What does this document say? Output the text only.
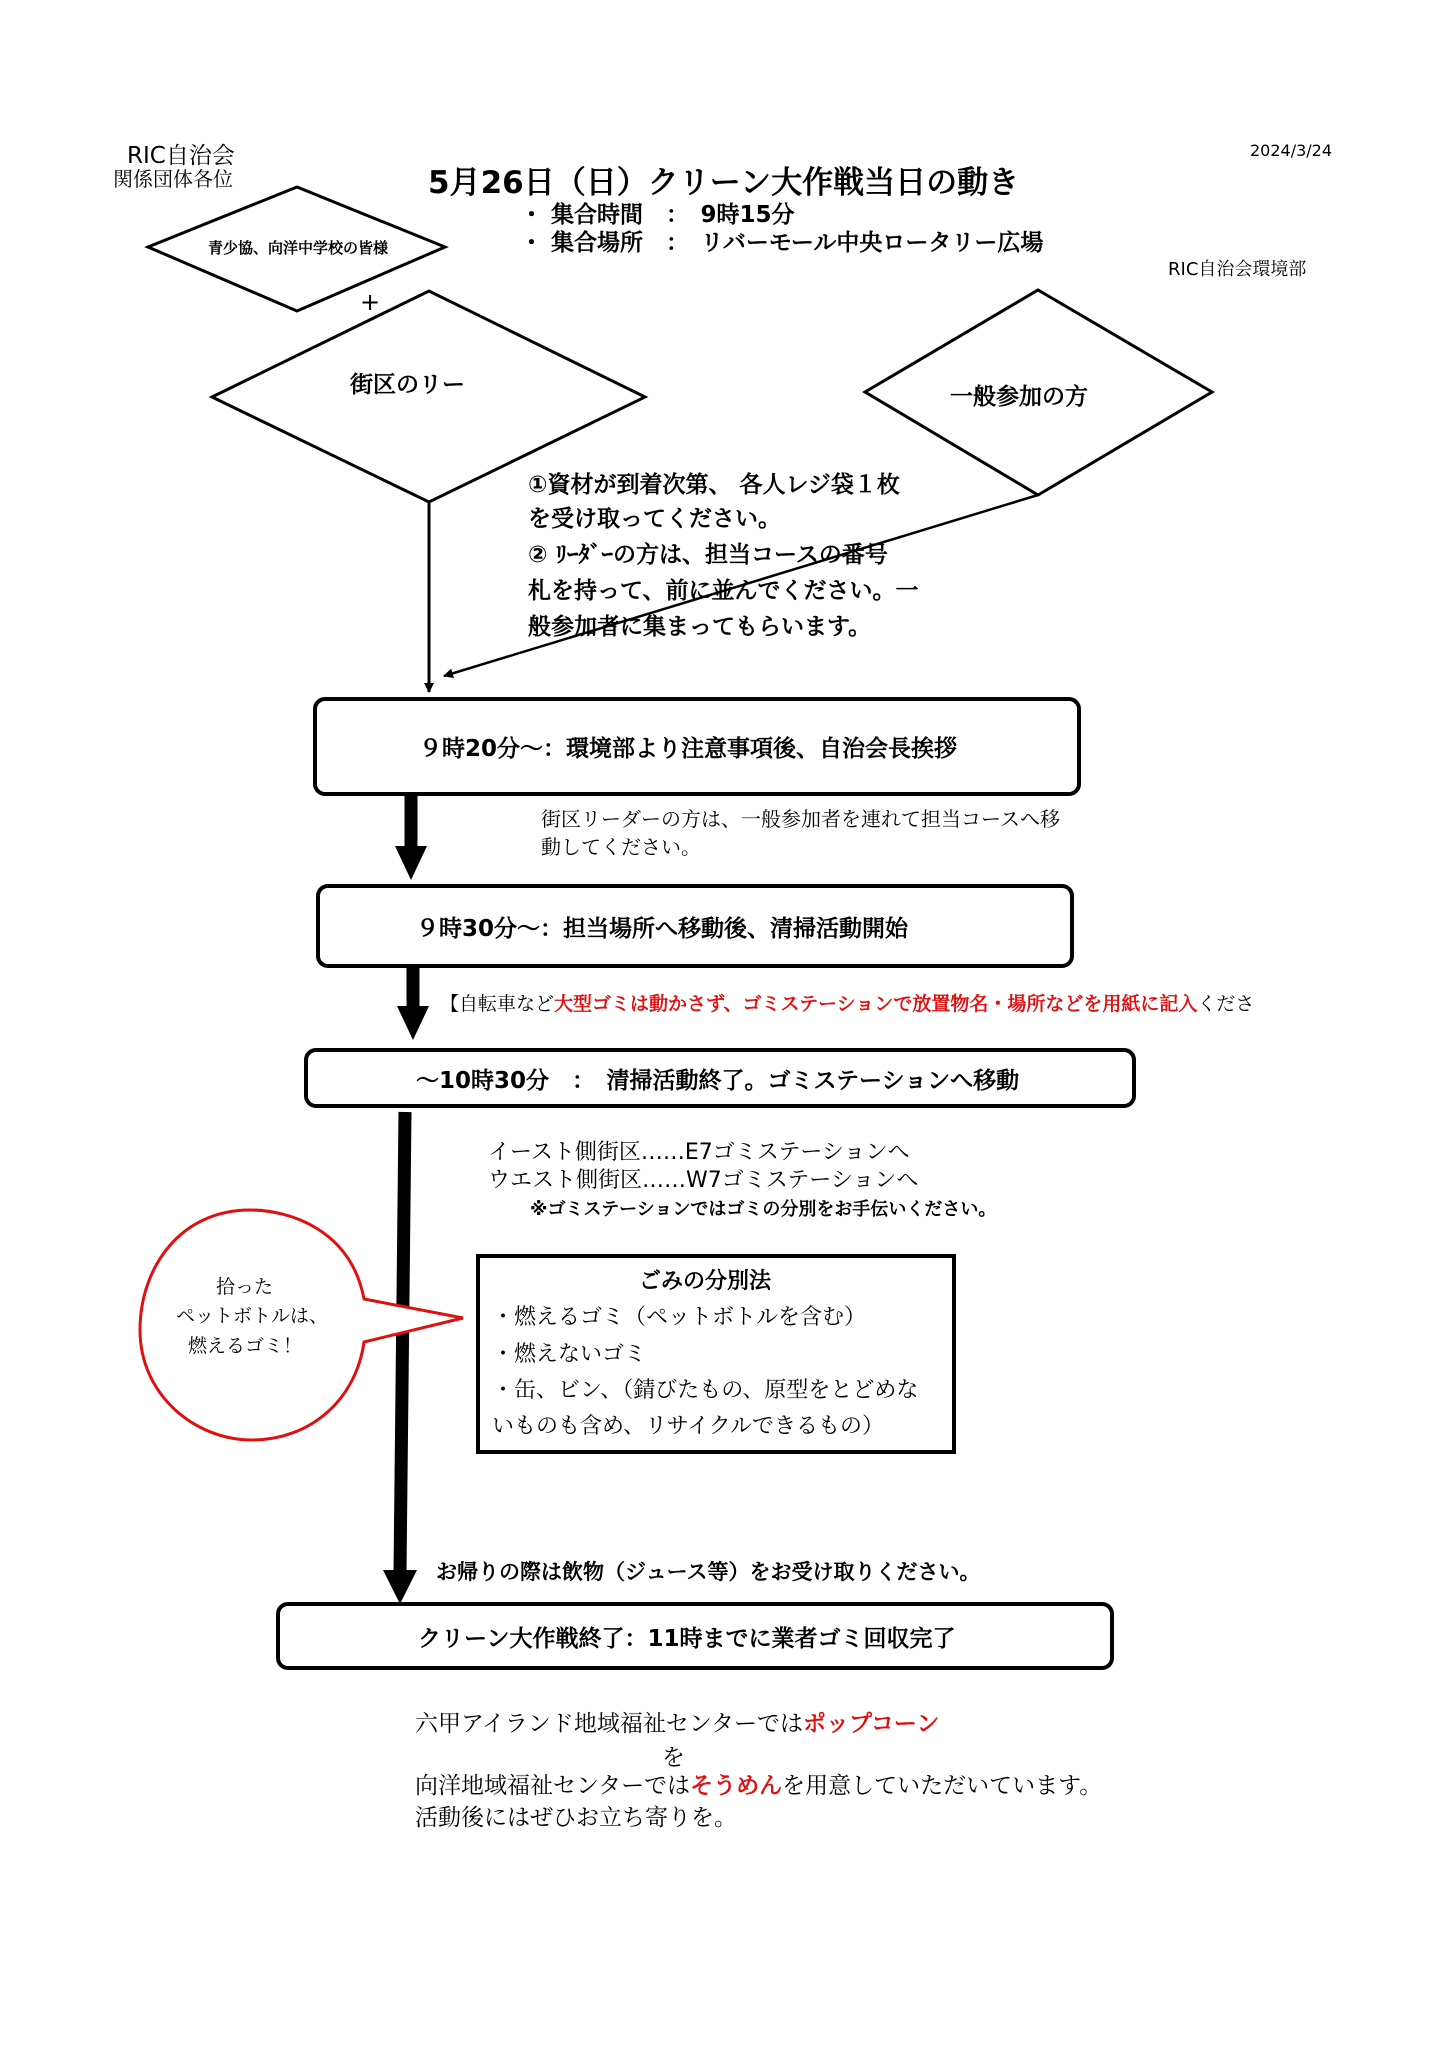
RIC自治会
関係団体各位
2024/3/24
RIC自治会環境部
5月26日（日）クリーン大作戦当日の動き
・ 集合時間　：　9時15分
・ 集合場所　：　リバーモール中央ロータリー広場
青少協、向洋中学校の皆様
+
街区のリー	一般参加の方
①資材が到着次第、 各人レジ袋１枚
を受け取ってください。
② ﾘｰﾀﾞｰの方は、担当コースの番号
札を持って、前に並んでください。一
般参加者に集まってもらいます。
９時20分～：環境部より注意事項後、自治会長挨拶
街区リーダーの方は、一般参加者を連れて担当コースへ移
動してください。
９時30分～：担当場所へ移動後、清掃活動開始
【自転車など大型ゴミは動かさず、ゴミステーションで放置物名・場所などを用紙に記入くださ
～10時30分　：　清掃活動終了。ゴミステーションへ移動
イースト側街区……E7ゴミステーションへ
ウエスト側街区……W7ゴミステーションへ
※ゴミステーションではゴミの分別をお手伝いください。
拾った
ペットボトルは、
燃えるゴミ！
ごみの分別法
・燃えるゴミ（ペットボトルを含む）
・燃えないゴミ
・缶、ビン、（錆びたもの、原型をとどめな
いものも含め、リサイクルできるもの）
お帰りの際は飲物（ジュース等）をお受け取りください。
クリーン大作戦終了：11時までに業者ゴミ回収完了
六甲アイランド地域福祉センターではポップコーン
を
向洋地域福祉センターではそうめんを用意していただいています。
活動後にはぜひお立ち寄りを。
